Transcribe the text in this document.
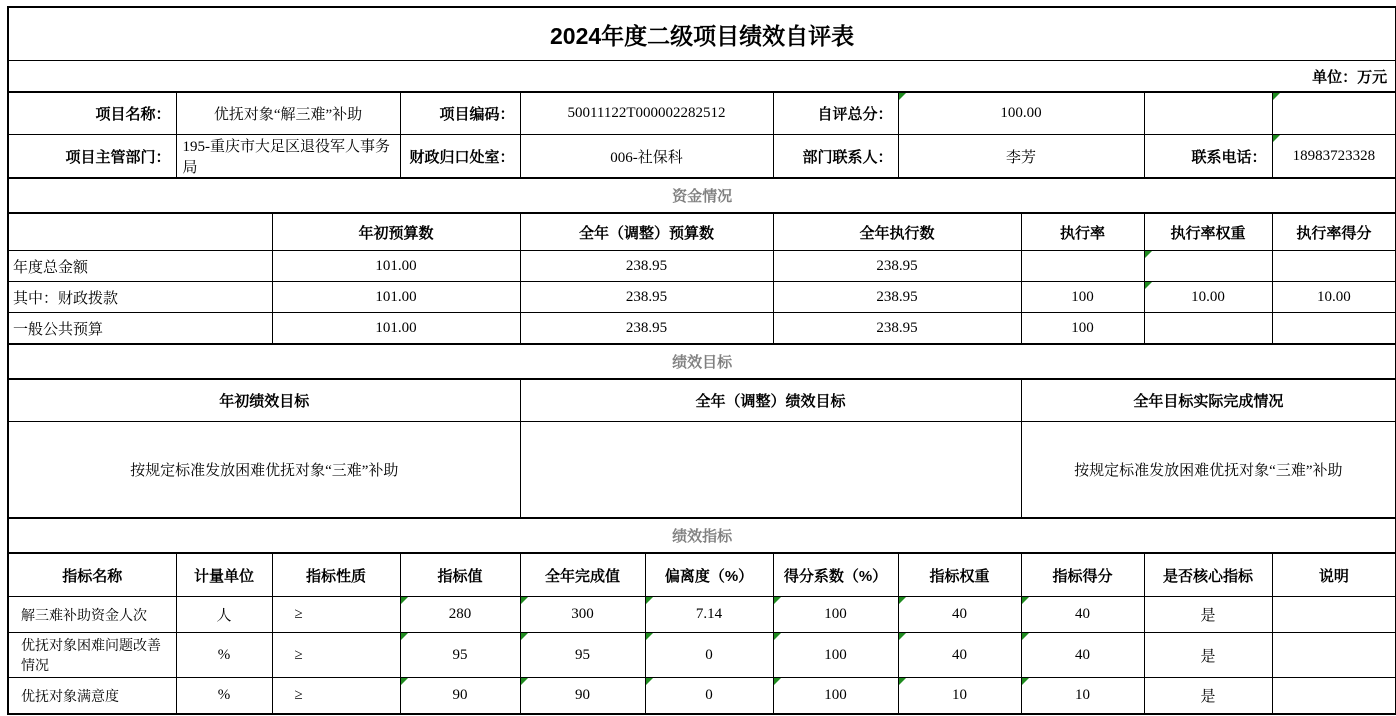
2024年度二级项目绩效自评表										
单位：万元										
项目名称：	优抚对象“解三难”补助		项目编码：	50011122T000002282512		自评总分：	100.00			
项目主管部门：	195-重庆市大足区退役军人事务局		财政归口处室：	006-社保科		部门联系人：	李芳		联系电话：	18983723328
资金情况										
		年初预算数		全年（调整）预算数		全年执行数		执行率	执行率权重	执行率得分
年度总金额		101.00		238.95		238.95				
其中：财政拨款		101.00		238.95		238.95		100	10.00	10.00
一般公共预算		101.00		238.95		238.95		100		
绩效目标										
年初绩效目标				全年（调整）绩效目标				全年目标实际完成情况		
按规定标准发放困难优抚对象“三难”补助								按规定标准发放困难优抚对象“三难”补助		
绩效指标										
指标名称	计量单位	指标性质	指标值	全年完成值	偏离度（%）	得分系数（%）	指标权重	指标得分	是否核心指标	说明
解三难补助资金人次	人	≥	280	300	7.14	100	40	40	是	
优抚对象困难问题改善情况	%	≥	95	95	0	100	40	40	是	
优抚对象满意度	%	≥	90	90	0	100	10	10	是	
